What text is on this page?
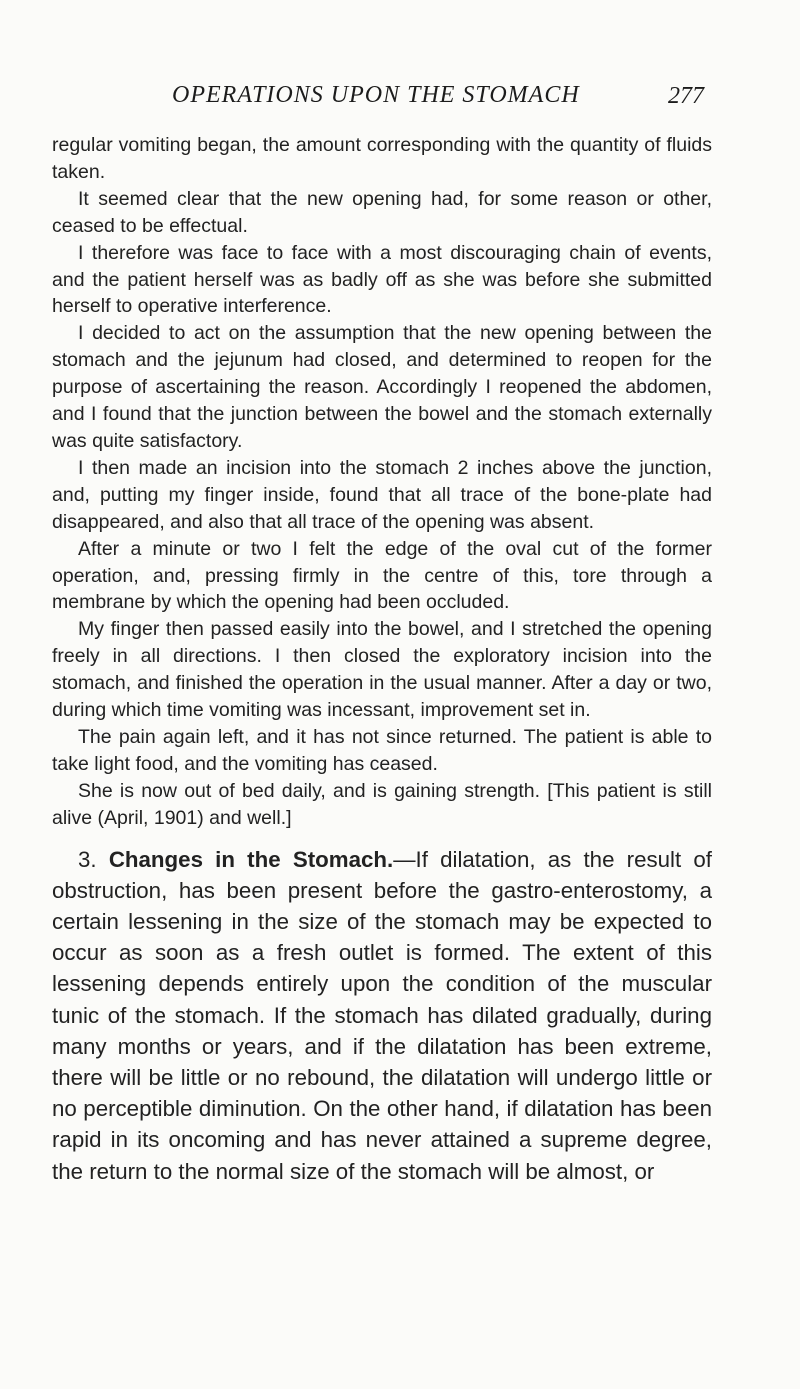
OPERATIONS UPON THE STOMACH	277

regular vomiting began, the amount corresponding with the quantity of fluids taken.

It seemed clear that the new opening had, for some reason or other, ceased to be effectual.

I therefore was face to face with a most discouraging chain of events, and the patient herself was as badly off as she was before she submitted herself to operative interference.

I decided to act on the assumption that the new opening between the stomach and the jejunum had closed, and determined to reopen for the purpose of ascertaining the reason. Accordingly I reopened the abdomen, and I found that the junction between the bowel and the stomach externally was quite satisfactory.

I then made an incision into the stomach 2 inches above the junction, and, putting my finger inside, found that all trace of the bone-plate had disappeared, and also that all trace of the opening was absent.

After a minute or two I felt the edge of the oval cut of the former operation, and, pressing firmly in the centre of this, tore through a membrane by which the opening had been occluded.

My finger then passed easily into the bowel, and I stretched the opening freely in all directions. I then closed the exploratory incision into the stomach, and finished the operation in the usual manner. After a day or two, during which time vomiting was incessant, improvement set in.

The pain again left, and it has not since returned. The patient is able to take light food, and the vomiting has ceased.

She is now out of bed daily, and is gaining strength. [This patient is still alive (April, 1901) and well.]

3. Changes in the Stomach.—If dilatation, as the result of obstruction, has been present before the gastro-enterostomy, a certain lessening in the size of the stomach may be expected to occur as soon as a fresh outlet is formed. The extent of this lessening depends entirely upon the condition of the muscular tunic of the stomach. If the stomach has dilated gradually, during many months or years, and if the dilatation has been extreme, there will be little or no rebound, the dilatation will undergo little or no perceptible diminution. On the other hand, if dilatation has been rapid in its oncoming and has never attained a supreme degree, the return to the normal size of the stomach will be almost, or
